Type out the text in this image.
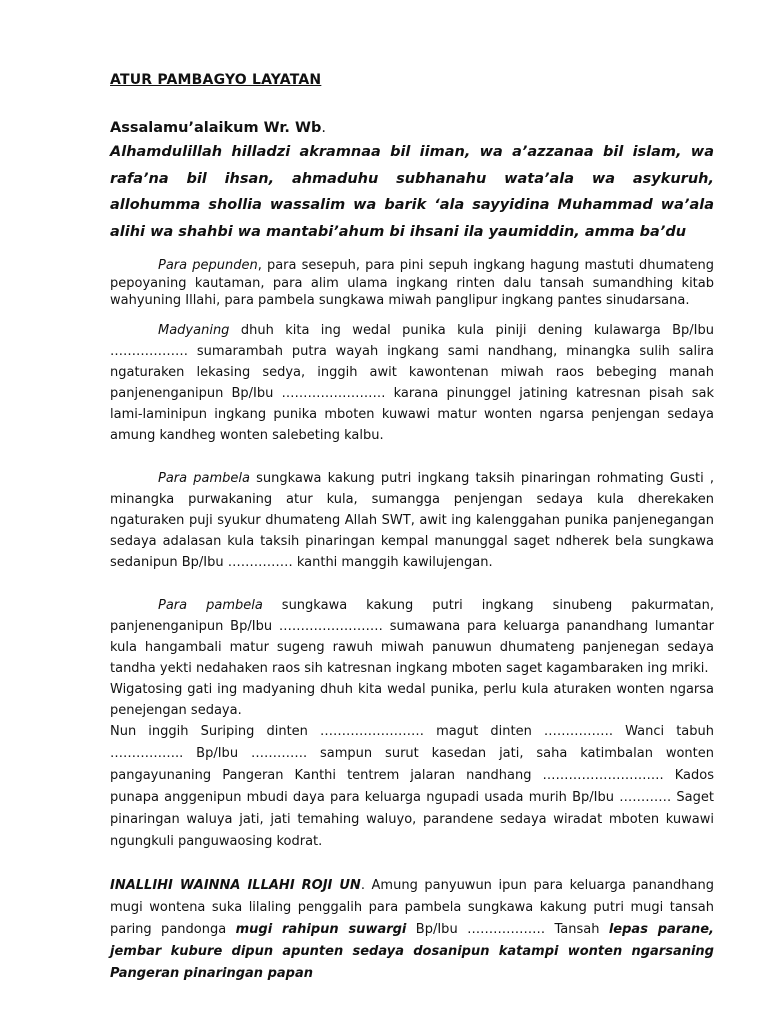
ATUR PAMBAGYO LAYATAN

Assalamu’alaikum Wr. Wb.

Alhamdulillah hilladzi akramnaa bil iiman, wa a’azzanaa bil islam, wa rafa’na bil ihsan, ahmaduhu subhanahu wata’ala wa asykuruh, allohumma shollia wassalim wa barik ‘ala sayyidina Muhammad wa’ala alihi wa shahbi wa mantabi’ahum bi ihsani ila yaumiddin, amma ba’du

Para pepunden, para sesepuh, para pini sepuh ingkang hagung mastuti dhumateng pepoyaning kautaman, para alim ulama ingkang rinten dalu tansah sumandhing kitab wahyuning Illahi, para pambela sungkawa miwah panglipur ingkang pantes sinudarsana.

Madyaning dhuh kita ing wedal punika kula piniji dening kulawarga Bp/Ibu ……………… sumarambah putra wayah ingkang sami nandhang, minangka sulih salira ngaturaken lekasing sedya, inggih awit kawontenan miwah raos bebeging manah panjenenganipun Bp/Ibu …………………… karana pinunggel jatining katresnan pisah sak lami-laminipun ingkang punika mboten kuwawi matur wonten ngarsa penjengan sedaya amung kandheg wonten salebeting kalbu.

Para pambela sungkawa kakung putri ingkang taksih pinaringan rohmating Gusti , minangka purwakaning atur kula, sumangga penjengan sedaya kula dherekaken ngaturaken puji syukur dhumateng Allah SWT, awit ing kalenggahan punika panjenegangan sedaya adalasan kula taksih pinaringan kempal manunggal saget ndherek bela sungkawa sedanipun Bp/Ibu …………… kanthi manggih kawilujengan.

Para pambela sungkawa kakung putri ingkang sinubeng pakurmatan, panjenenganipun Bp/Ibu …………………… sumawana para keluarga panandhang lumantar kula hangambali matur sugeng rawuh miwah panuwun dhumateng panjenegan sedaya tandha yekti nedahaken raos sih katresnan ingkang mboten saget kagambaraken ing mriki.

Wigatosing gati ing madyaning dhuh kita wedal punika, perlu kula aturaken wonten ngarsa penejengan sedaya.

Nun inggih Suriping dinten …………………… magut dinten ……………. Wanci tabuh …………….. Bp/Ibu …………. sampun surut kasedan jati, saha katimbalan wonten pangayunaning Pangeran Kanthi tentrem jalaran nandhang ………………………. Kados punapa anggenipun mbudi daya para keluarga ngupadi usada murih Bp/Ibu ………… Saget pinaringan waluya jati, jati temahing waluyo, parandene sedaya wiradat mboten kuwawi ngungkuli panguwaosing kodrat.

INALLIHI WAINNA ILLAHI ROJI UN. Amung panyuwun ipun para keluarga panandhang mugi wontena suka lilaling penggalih para pambela sungkawa kakung putri mugi tansah paring pandonga mugi rahipun suwargi Bp/Ibu ……………… Tansah lepas parane, jembar kubure dipun apunten sedaya dosanipun katampi wonten ngarsaning Pangeran pinaringan papan
